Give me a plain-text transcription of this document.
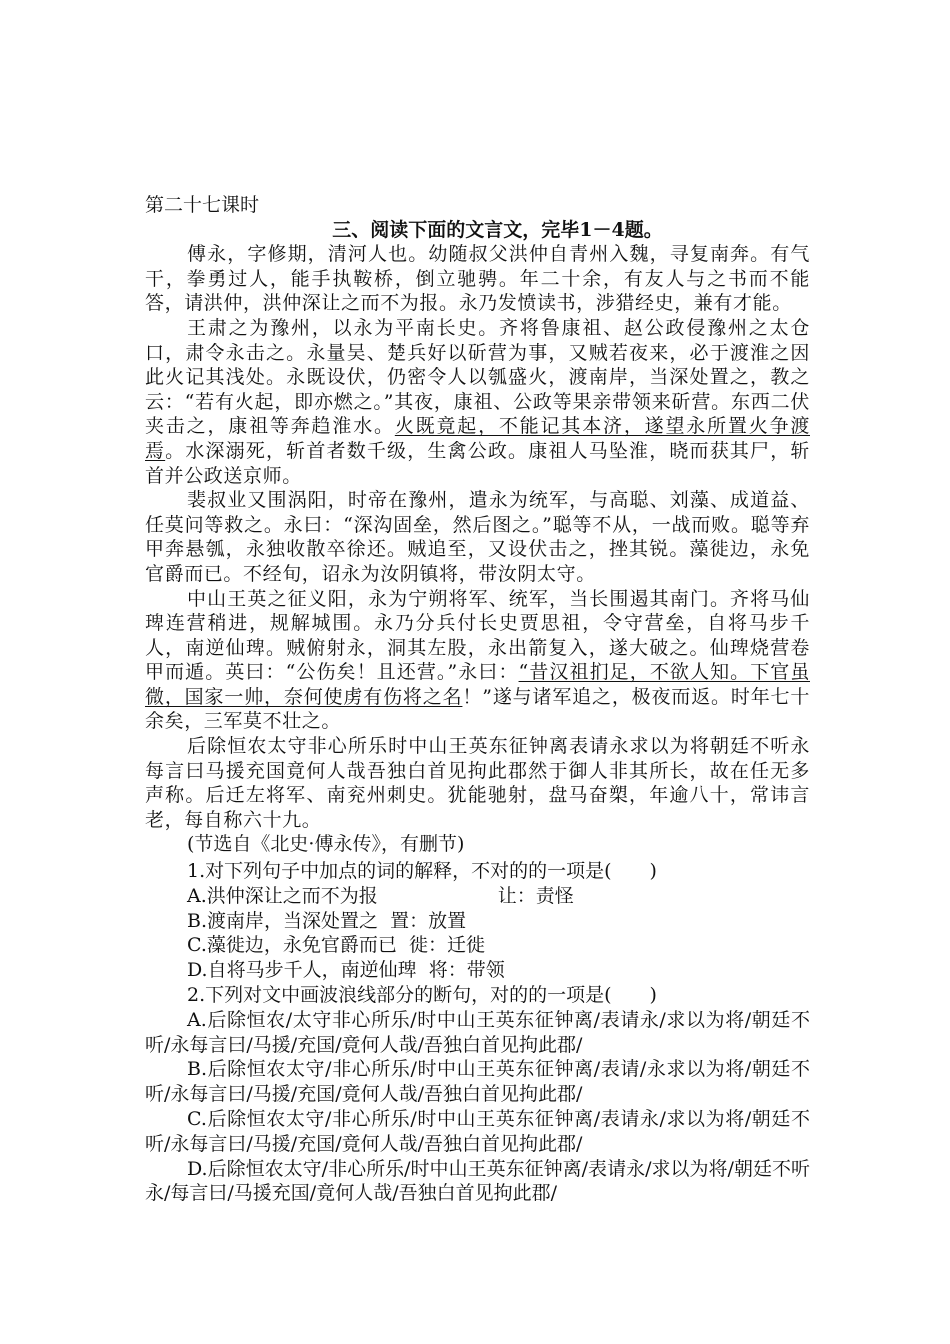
第二十七课时

三、阅读下面的文言文，完毕1－4题。

傅永，字修期，清河人也。幼随叔父洪仲自青州入魏，寻复南奔。有气干，拳勇过人，能手执鞍桥，倒立驰骋。年二十余，有友人与之书而不能答，请洪仲，洪仲深让之而不为报。永乃发愤读书，涉猎经史，兼有才能。

王肃之为豫州，以永为平南长史。齐将鲁康祖、赵公政侵豫州之太仓口，肃令永击之。永量吴、楚兵好以斫营为事，又贼若夜来，必于渡淮之因此火记其浅处。永既设伏，仍密令人以瓠盛火，渡南岸，当深处置之，教之云：“若有火起，即亦燃之。”其夜，康祖、公政等果亲带领来斫营。东西二伏夹击之，康祖等奔趋淮水。火既竟起，不能记其本济，遂望永所置火争渡焉。水深溺死，斩首者数千级，生禽公政。康祖人马坠淮，晓而获其尸，斩首并公政送京师。

裴叔业又围涡阳，时帝在豫州，遣永为统军，与高聪、刘藻、成道益、任莫问等救之。永曰：“深沟固垒，然后图之。”聪等不从，一战而败。聪等弃甲奔悬瓠，永独收散卒徐还。贼追至，又设伏击之，挫其锐。藻徙边，永免官爵而已。不经旬，诏永为汝阴镇将，带汝阴太守。

中山王英之征义阳，永为宁朔将军、统军，当长围遏其南门。齐将马仙琕连营稍进，规解城围。永乃分兵付长史贾思祖，令守营垒，自将马步千人，南逆仙琕。贼俯射永，洞其左股，永出箭复入，遂大破之。仙琕烧营卷甲而遁。英曰：“公伤矣！且还营。”永曰：“昔汉祖扪足，不欲人知。下官虽微，国家一帅，奈何使虏有伤将之名！”遂与诸军追之，极夜而返。时年七十余矣，三军莫不壮之。

后除恒农太守非心所乐时中山王英东征钟离表请永求以为将朝廷不听永每言曰马援充国竟何人哉吾独白首见拘此郡然于御人非其所长，故在任无多声称。后迁左将军、南兖州刺史。犹能驰射，盘马奋槊，年逾八十，常讳言老，每自称六十九。

(节选自《北史·傅永传》，有删节)

1.对下列句子中加点的词的解释，不对的的一项是(　　)

A.洪仲深让之而不为报	让：责怪

B.渡南岸，当深处置之 置：放置

C.藻徙边，永免官爵而已 徙：迁徙

D.自将马步千人，南逆仙琕 将：带领

2.下列对文中画波浪线部分的断句，对的的一项是(　　)

A.后除恒农/太守非心所乐/时中山王英东征钟离/表请永/求以为将/朝廷不听/永每言曰/马援/充国/竟何人哉/吾独白首见拘此郡/

B.后除恒农太守/非心所乐/时中山王英东征钟离/表请/永求以为将/朝廷不听/永每言曰/马援/充国/竟何人哉/吾独白首见拘此郡/

C.后除恒农太守/非心所乐/时中山王英东征钟离/表请永/求以为将/朝廷不听/永每言曰/马援/充国/竟何人哉/吾独白首见拘此郡/

D.后除恒农太守/非心所乐/时中山王英东征钟离/表请永/求以为将/朝廷不听永/每言曰/马援充国/竟何人哉/吾独白首见拘此郡/
